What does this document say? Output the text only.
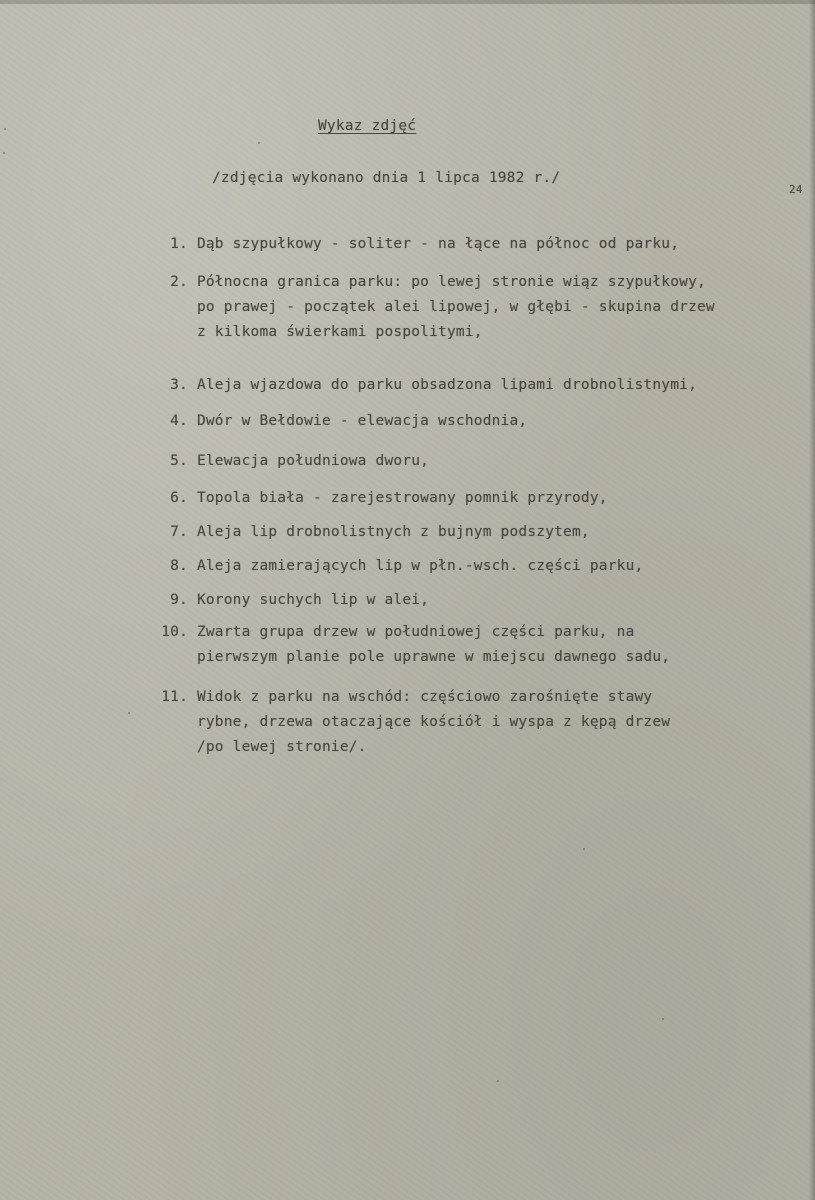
Wykaz zdjęć
/zdjęcia wykonano dnia 1 lipca 1982 r./
24
1. Dąb szypułkowy - soliter - na łące na północ od parku,
2. Północna granica parku: po lewej stronie wiąz szypułkowy,
po prawej - początek alei lipowej, w głębi - skupina drzew
z kilkoma świerkami pospolitymi,
3. Aleja wjazdowa do parku obsadzona lipami drobnolistnymi,
4. Dwór w Bełdowie - elewacja wschodnia,
5. Elewacja południowa dworu,
6. Topola biała - zarejestrowany pomnik przyrody,
7. Aleja lip drobnolistnych z bujnym podszytem,
8. Aleja zamierających lip w płn.-wsch. części parku,
9. Korony suchych lip w alei,
10. Zwarta grupa drzew w południowej części parku, na
pierwszym planie pole uprawne w miejscu dawnego sadu,
11. Widok z parku na wschód: częściowo zarośnięte stawy
rybne, drzewa otaczające kościół i wyspa z kępą drzew
/po lewej stronie/.
